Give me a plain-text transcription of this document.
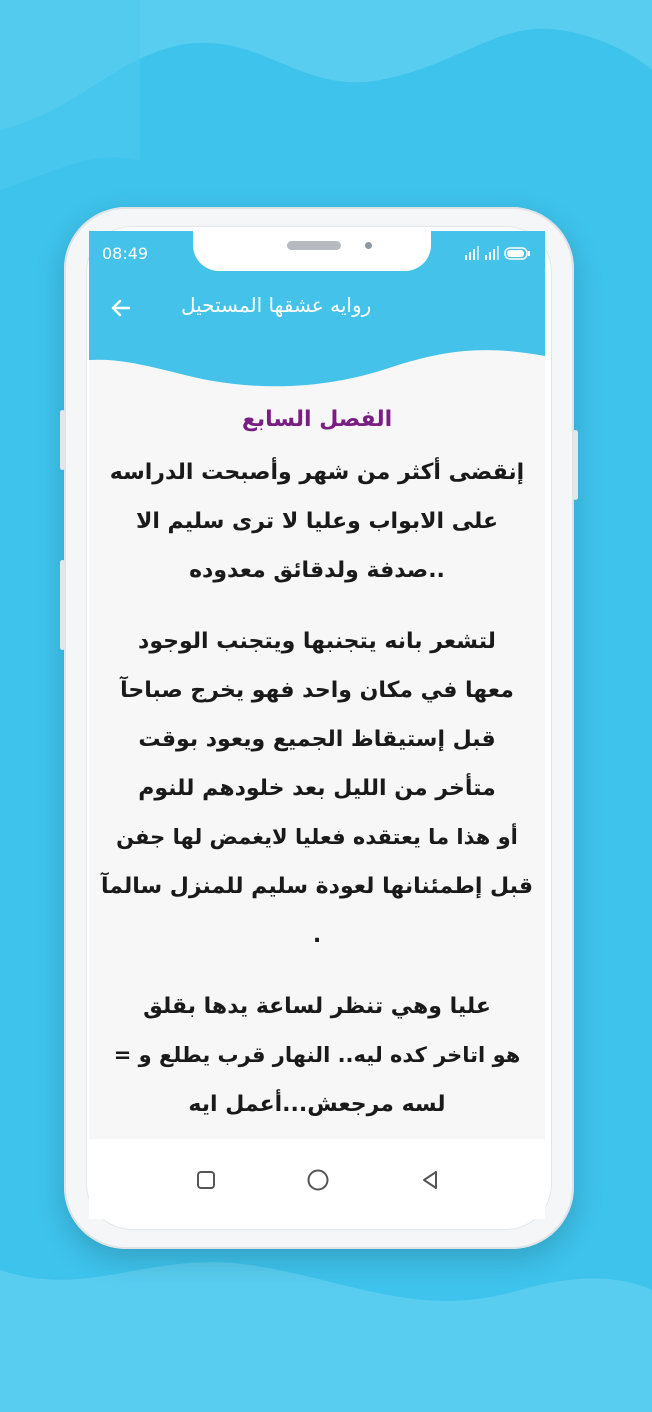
08:49
روايه عشقها المستحيل
الفصل السابع
إنقضى أكثر من شهر وأصبحت الدراسه
على الابواب وعليا لا ترى سليم الا
..صدفة ولدقائق معدوده
لتشعر بانه يتجنبها ويتجنب الوجود
معها في مكان واحد فهو يخرج صباحآ
قبل إستيقاظ الجميع ويعود بوقت
متأخر من الليل بعد خلودهم للنوم
أو هذا ما يعتقده فعليا لايغمض لها جفن
قبل إطمئنانها لعودة سليم للمنزل سالمآ
.
عليا وهي تنظر لساعة يدها بقلق
هو اتاخر كده ليه.. النهار قرب يطلع و =
لسه مرجعش...أعمل ايه
